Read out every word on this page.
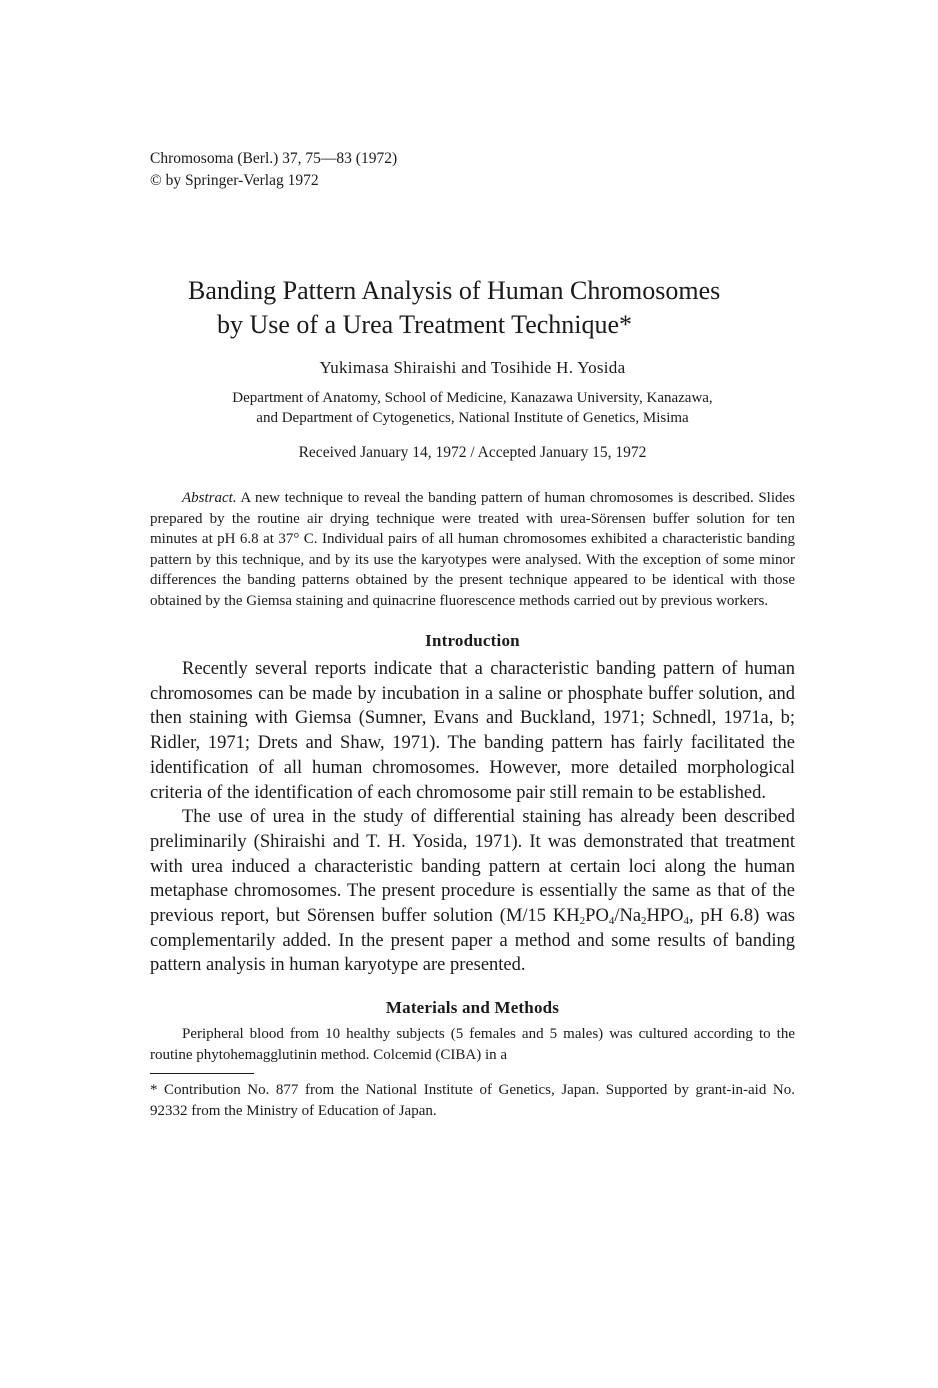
Chromosoma (Berl.) 37, 75—83 (1972)
© by Springer-Verlag 1972
Banding Pattern Analysis of Human Chromosomes
by Use of a Urea Treatment Technique*
Yukimasa Shiraishi and Tosihide H. Yosida
Department of Anatomy, School of Medicine, Kanazawa University, Kanazawa,
and Department of Cytogenetics, National Institute of Genetics, Misima
Received January 14, 1972 / Accepted January 15, 1972

Abstract. A new technique to reveal the banding pattern of human chromosomes is described. Slides prepared by the routine air drying technique were treated with urea-Sörensen buffer solution for ten minutes at pH 6.8 at 37° C. Individual pairs of all human chromosomes exhibited a characteristic banding pattern by this technique, and by its use the karyotypes were analysed. With the exception of some minor differences the banding patterns obtained by the present technique appeared to be identical with those obtained by the Giemsa staining and quinacrine fluorescence methods carried out by previous workers.

Introduction

Recently several reports indicate that a characteristic banding pattern of human chromosomes can be made by incubation in a saline or phosphate buffer solution, and then staining with Giemsa (Sumner, Evans and Buckland, 1971; Schnedl, 1971a, b; Ridler, 1971; Drets and Shaw, 1971). The banding pattern has fairly facilitated the identification of all human chromosomes. However, more detailed morphological criteria of the identification of each chromosome pair still remain to be established.

The use of urea in the study of differential staining has already been described preliminarily (Shiraishi and T. H. Yosida, 1971). It was demonstrated that treatment with urea induced a characteristic banding pattern at certain loci along the human metaphase chromosomes. The present procedure is essentially the same as that of the previous report, but Sörensen buffer solution (M/15 $KH_2PO_4/Na_2HPO_4$, pH 6.8) was complementarily added. In the present paper a method and some results of banding pattern analysis in human karyotype are presented.

Materials and Methods

Peripheral blood from 10 healthy subjects (5 females and 5 males) was cultured according to the routine phytohemagglutinin method. Colcemid (CIBA) in a

* Contribution No. 877 from the National Institute of Genetics, Japan. Supported by grant-in-aid No. 92332 from the Ministry of Education of Japan.
